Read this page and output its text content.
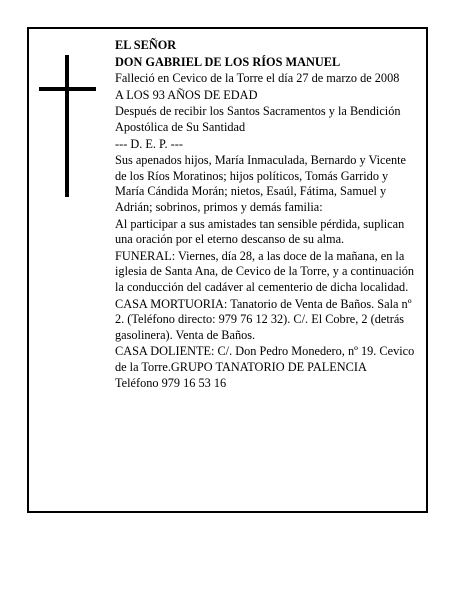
EL SEÑOR

DON GABRIEL DE LOS RÍOS MANUEL

Falleció en Cevico de la Torre el día 27 de marzo de 2008

A LOS 93 AÑOS DE EDAD

Después de recibir los Santos Sacramentos y la Bendición Apostólica de Su Santidad

--- D. E. P. ---

Sus apenados hijos, María Inmaculada, Bernardo y Vicente de los Ríos Moratinos; hijos políticos, Tomás Garrido y María Cándida Morán; nietos, Esaúl, Fátima, Samuel y Adrián; sobrinos, primos y demás familia:

Al participar a sus amistades tan sensible pérdida, suplican una oración por el eterno descanso de su alma.

FUNERAL: Viernes, día 28, a las doce de la mañana, en la iglesia de Santa Ana, de Cevico de la Torre, y a continuación la conducción del cadáver al cementerio de dicha localidad.

CASA MORTUORIA: Tanatorio de Venta de Baños. Sala nº 2. (Teléfono directo: 979 76 12 32). C/. El Cobre, 2 (detrás gasolinera). Venta de Baños.

CASA DOLIENTE: C/. Don Pedro Monedero, nº 19. Cevico de la Torre.GRUPO TANATORIO DE PALENCIA

Teléfono 979 16 53 16
